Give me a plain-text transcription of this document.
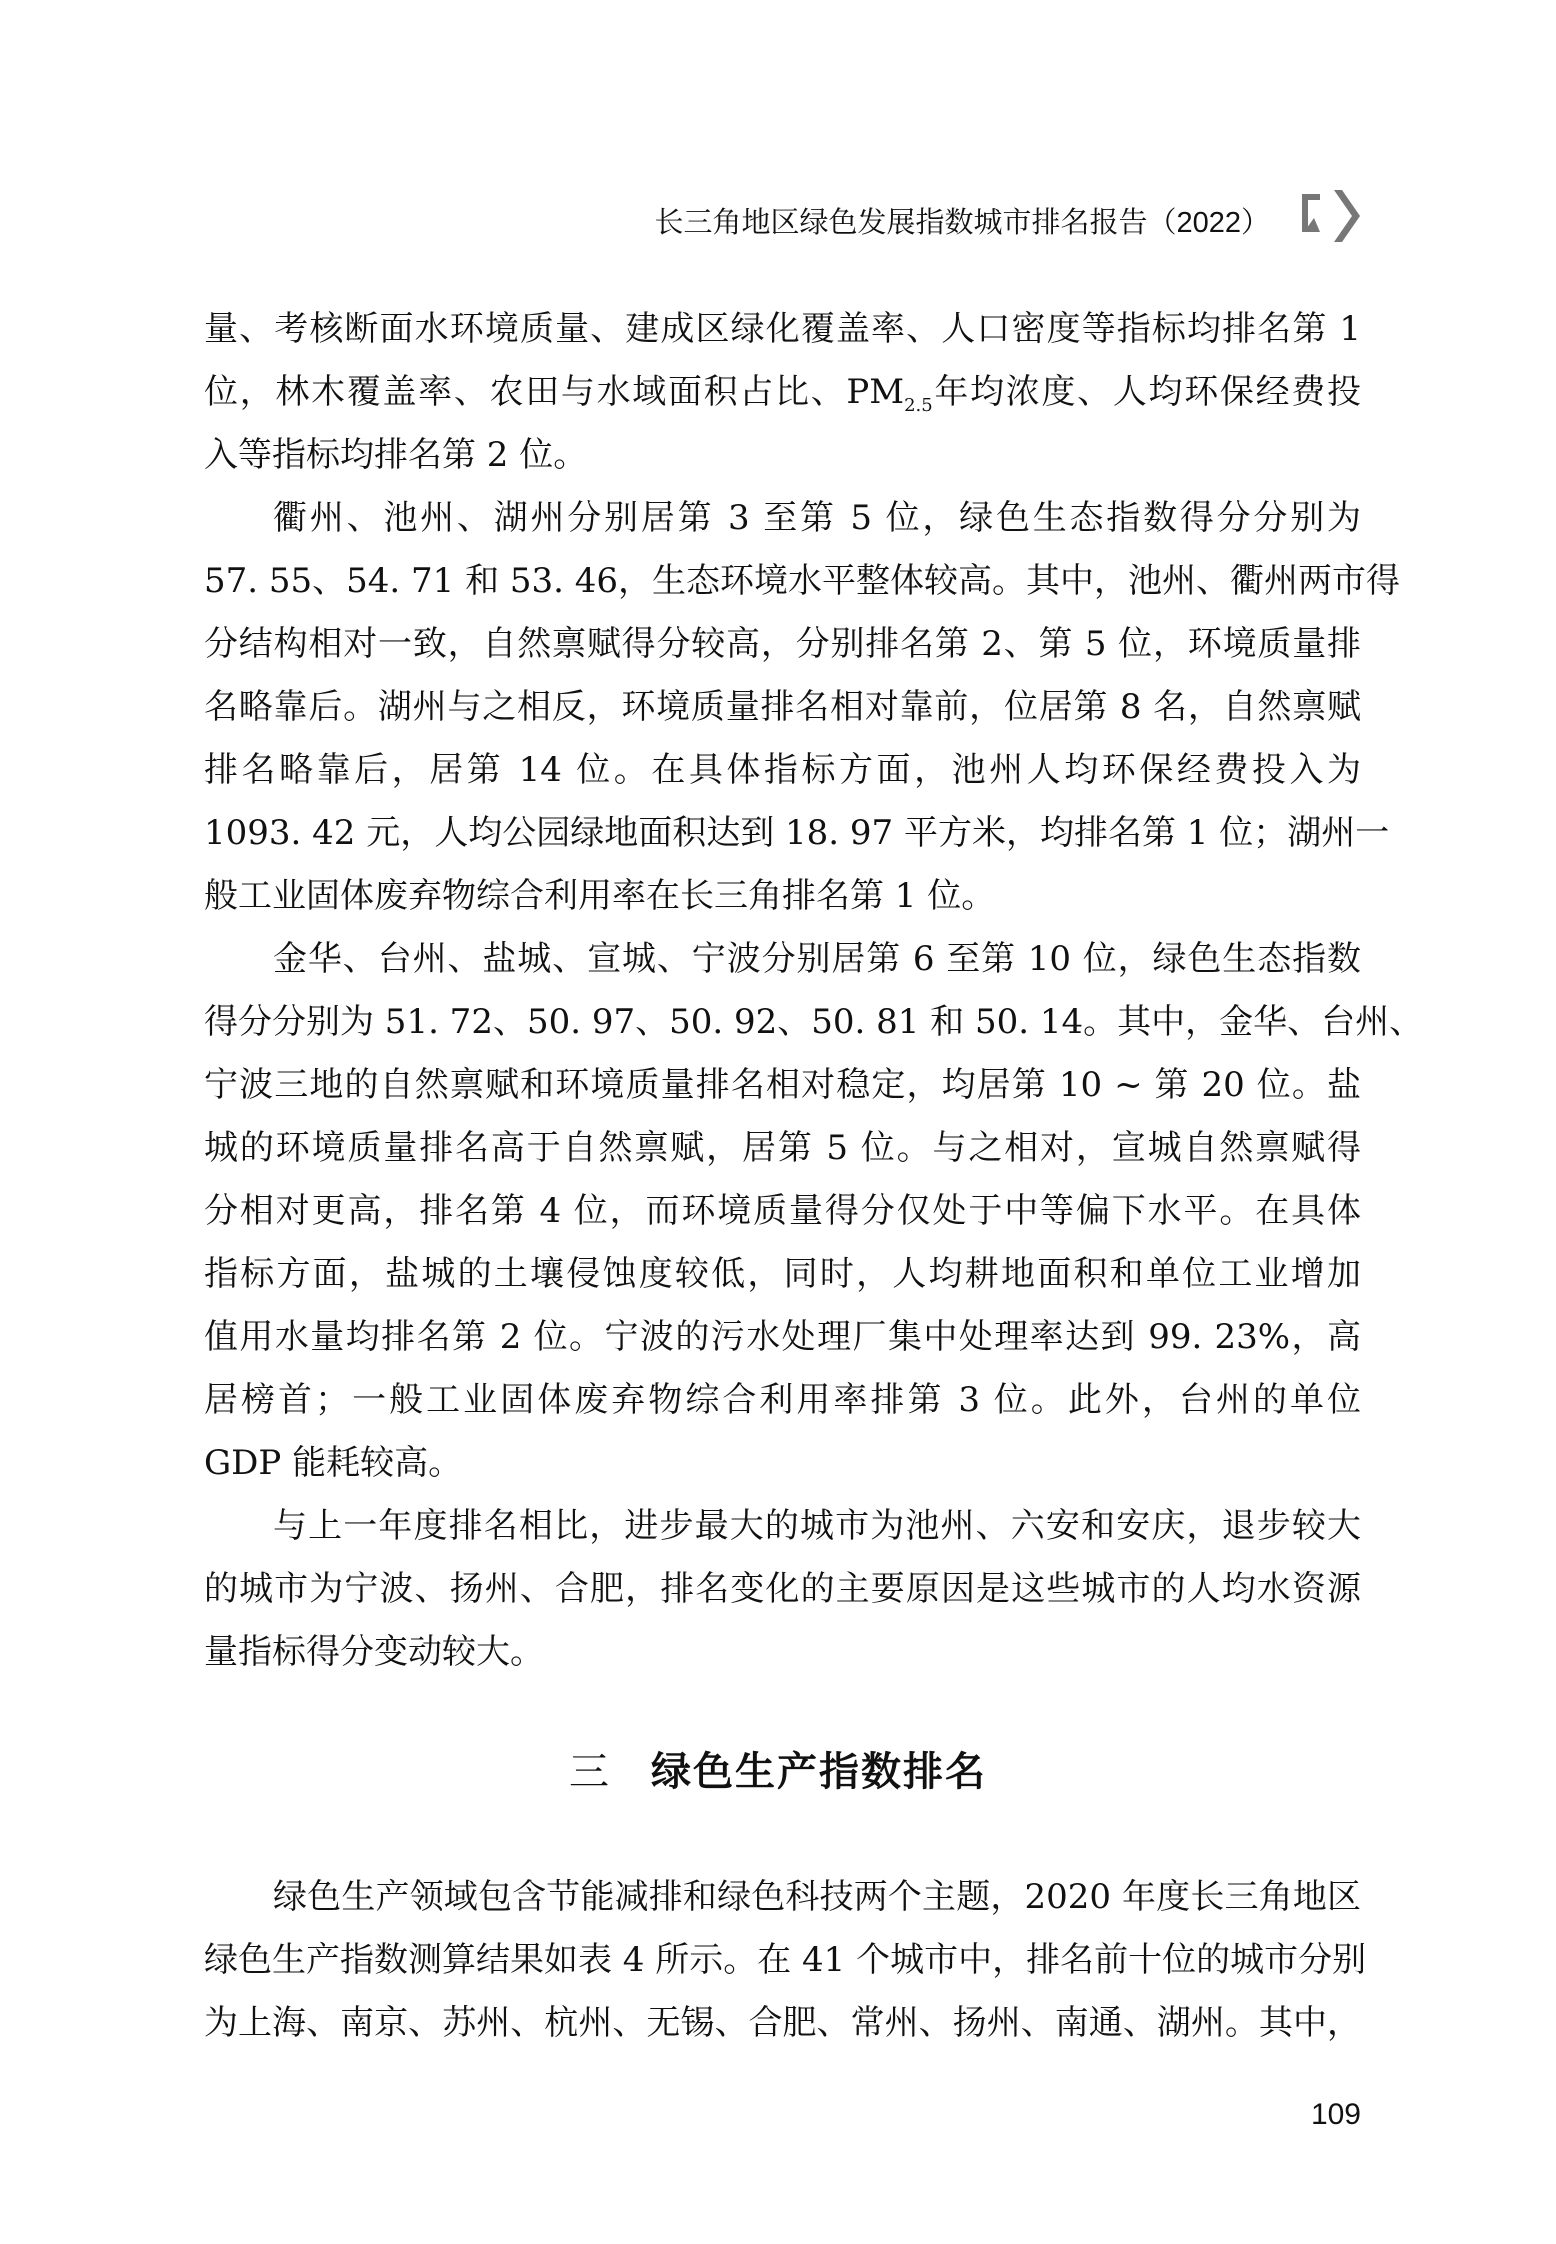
长三角地区绿色发展指数城市排名报告（2022）
量、考核断面水环境质量、建成区绿化覆盖率、人口密度等指标均排名第 1
位，林木覆盖率、农田与水域面积占比、$PM_{2.5}$年均浓度、人均环保经费投
入等指标均排名第 2 位。
衢州、池州、湖州分别居第 3 至第 5 位，绿色生态指数得分分别为
57. 55、54. 71 和 53. 46，生态环境水平整体较高。其中，池州、衢州两市得
分结构相对一致，自然禀赋得分较高，分别排名第 2、第 5 位，环境质量排
名略靠后。湖州与之相反，环境质量排名相对靠前，位居第 8 名，自然禀赋
排名略靠后，居第 14 位。在具体指标方面，池州人均环保经费投入为
1093. 42 元，人均公园绿地面积达到 18. 97 平方米，均排名第 1 位；湖州一
般工业固体废弃物综合利用率在长三角排名第 1 位。
金华、台州、盐城、宣城、宁波分别居第 6 至第 10 位，绿色生态指数
得分分别为 51. 72、50. 97、50. 92、50. 81 和 50. 14。其中，金华、台州、
宁波三地的自然禀赋和环境质量排名相对稳定，均居第 10 ~ 第 20 位。盐
城的环境质量排名高于自然禀赋，居第 5 位。与之相对，宣城自然禀赋得
分相对更高，排名第 4 位，而环境质量得分仅处于中等偏下水平。在具体
指标方面，盐城的土壤侵蚀度较低，同时，人均耕地面积和单位工业增加
值用水量均排名第 2 位。宁波的污水处理厂集中处理率达到 99. 23%，高
居榜首；一般工业固体废弃物综合利用率排第 3 位。此外，台州的单位
GDP 能耗较高。
与上一年度排名相比，进步最大的城市为池州、六安和安庆，退步较大
的城市为宁波、扬州、合肥，排名变化的主要原因是这些城市的人均水资源
量指标得分变动较大。
三 绿色生产指数排名
绿色生产领域包含节能减排和绿色科技两个主题，2020 年度长三角地区
绿色生产指数测算结果如表 4 所示。在 41 个城市中，排名前十位的城市分别
为上海、南京、苏州、杭州、无锡、合肥、常州、扬州、南通、湖州。其中，
109
